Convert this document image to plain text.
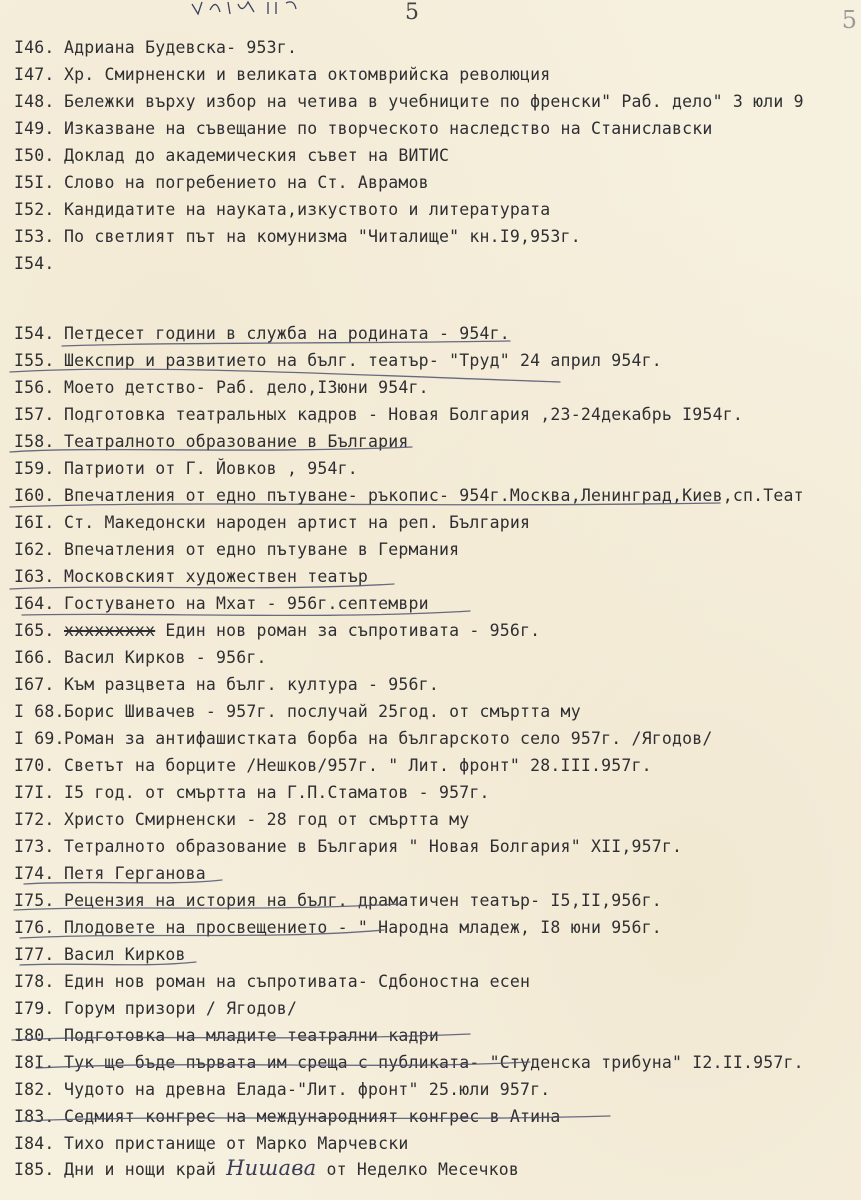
5	5
I46. Адриана Будевска- 953г.
I47. Хр. Смирненски и великата октомврийска революция
I48. Бележки върху избор на четива в учебниците по френски" Раб. дело" 3 юли 9
I49. Изказване на съвещание по творческото наследство на Станиславски
I50. Доклад до академическия съвет на ВИТИС
I5I. Слово на погребението на Ст. Аврамов
I52. Кандидатите на науката,изкуството и литературата
I53. По светлият път на комунизма "Читалище" кн.I9,953г.
I54.
I54. Петдесет години в служба на родината - 954г.
I55. Шекспир и развитието на бълг. театър- "Труд" 24 април 954г.
I56. Моето детство- Раб. дело,I3юни 954г.
I57. Подготовка театральных кадров - Новая Болгария ,23-24декабрь I954г.
I58. Театралното образование в България
I59. Патриоти от Г. Йовков , 954г.
I60. Впечатления от едно пътуване- ръкопис- 954г.Москва,Ленинград,Киев,сп.Теат
I6I. Ст. Македонски народен артист на реп. България
I62. Впечатления от едно пътуване в Германия
I63. Московският художествен театър
I64. Гостуването на Мхат - 956г.септември
I65. xxxxxxxxx Един нов роман за съпротивата - 956г.
I66. Васил Кирков - 956г.
I67. Към разцвета на бълг. култура - 956г.
I 68.Борис Шивачев - 957г. послучай 25год. от смъртта му
I 69.Роман за антифашистката борба на българското село 957г. /Ягодов/
I70. Светът на борците /Нешков/957г. " Лит. фронт" 28.III.957г.
I7I. I5 год. от смъртта на Г.П.Стаматов - 957г.
I72. Христо Смирненски - 28 год от смъртта му
I73. Тетралното образование в България " Новая Болгария" XII,957г.
I74. Петя Герганова
I75. Рецензия на история на бълг. драматичен театър- I5,II,956г.
I76. Плодовете на просвещението - " Народна младеж, I8 юни 956г.
I77. Васил Кирков
I78. Един нов роман на съпротивата- Сдбоностна есен
I79. Горум призори / Ягодов/
I80. Подготовка на младите театрални кадри
I8I. Тук ще бъде първата им среща с публиката- "Студенска трибуна" I2.II.957г.
I82. Чудото на древна Елада-"Лит. фронт" 25.юли 957г.
I83. Седмият конгрес на международният конгрес в Атина
I84. Тихо пристанище от Марко Марчевски
I85. Дни и нощи край Нишава от Неделко Месечков
